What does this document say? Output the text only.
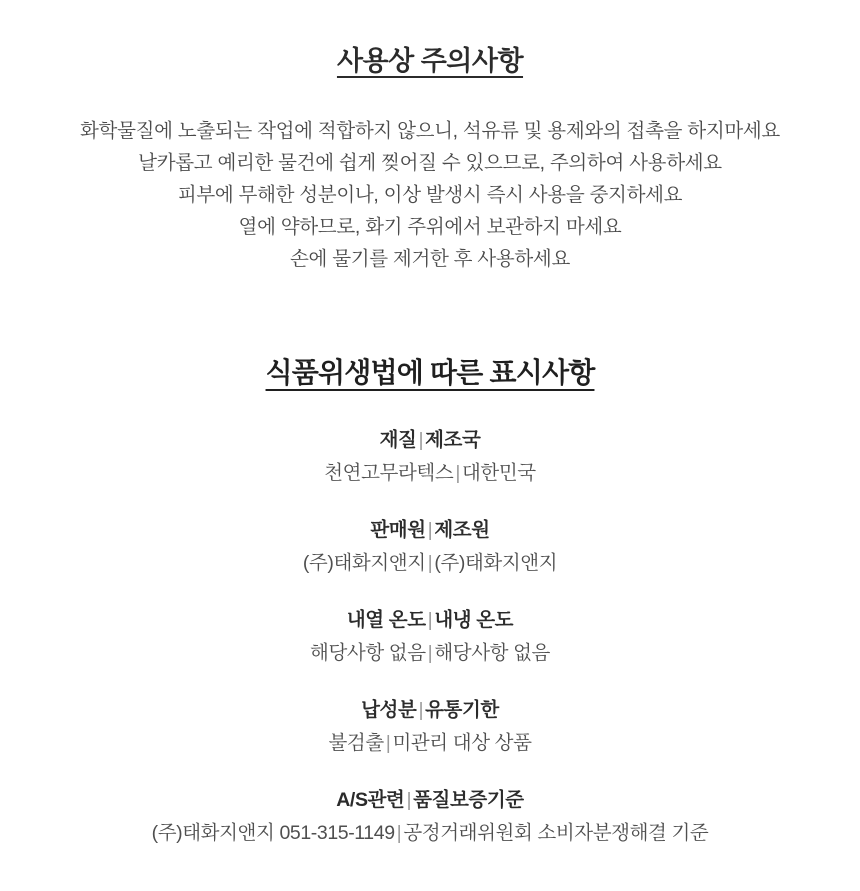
사용상 주의사항
화학물질에 노출되는 작업에 적합하지 않으니, 석유류 및 용제와의 접촉을 하지마세요
날카롭고 예리한 물건에 쉽게 찢어질 수 있으므로, 주의하여 사용하세요
피부에 무해한 성분이나, 이상 발생시 즉시 사용을 중지하세요
열에 약하므로, 화기 주위에서 보관하지 마세요
손에 물기를 제거한 후 사용하세요
식품위생법에 따른 표시사항
재질 | 제조국
천연고무라텍스 | 대한민국
판매원 | 제조원
(주)태화지앤지 | (주)태화지앤지
내열 온도 | 내냉 온도
해당사항 없음 | 해당사항 없음
납성분 | 유통기한
불검출 | 미관리 대상 상품
A/S관련 | 품질보증기준
(주)태화지앤지 051-315-1149 | 공정거래위원회 소비자분쟁해결 기준
